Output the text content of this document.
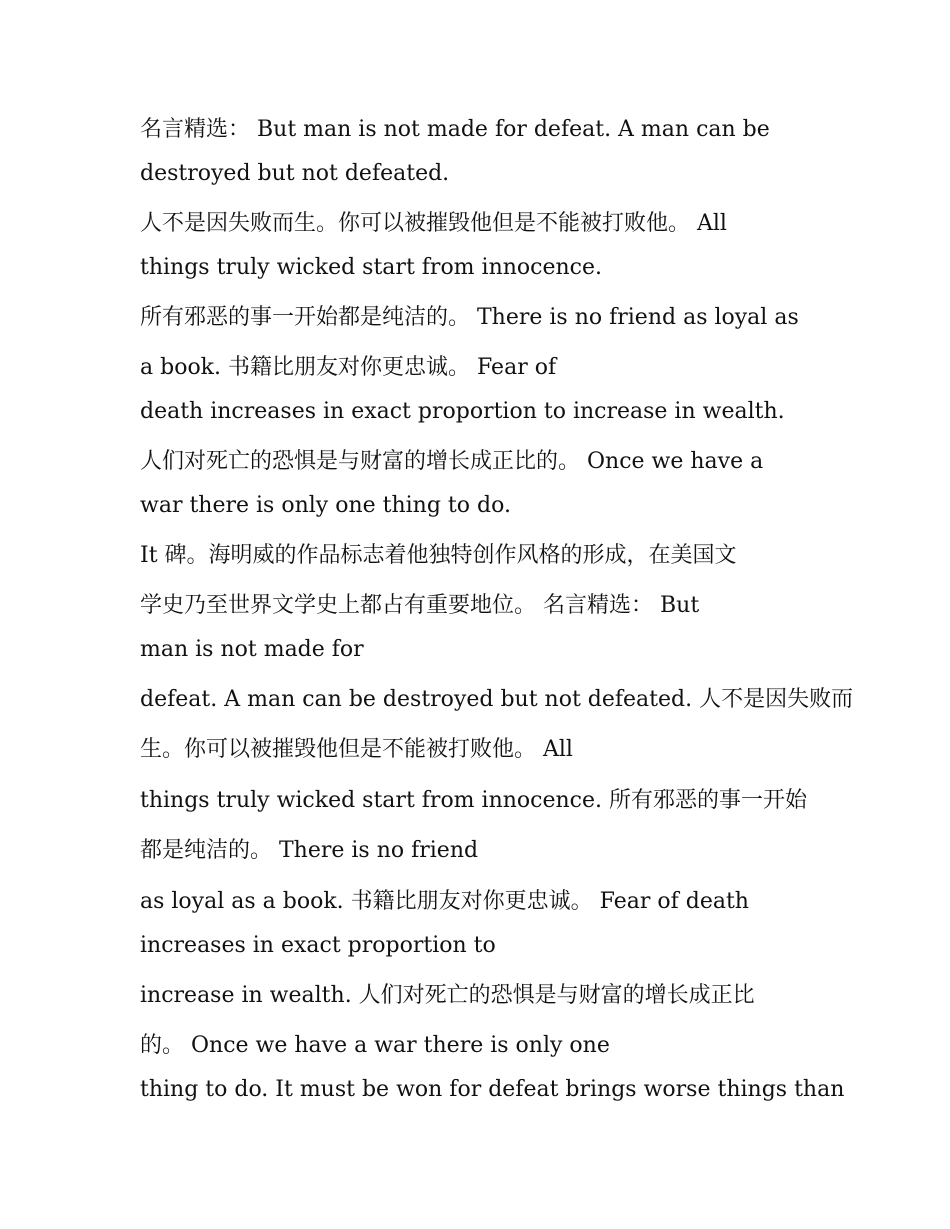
名言精选： But man is not made for defeat. A man can be
destroyed but not defeated.
人不是因失败而生。你可以被摧毁他但是不能被打败他。 All
things truly wicked start from innocence.
所有邪恶的事一开始都是纯洁的。 There is no friend as loyal as
a book. 书籍比朋友对你更忠诚。 Fear of
death increases in exact proportion to increase in wealth.
人们对死亡的恐惧是与财富的增长成正比的。 Once we have a
war there is only one thing to do.
It 碑。海明威的作品标志着他独特创作风格的形成，在美国文
学史乃至世界文学史上都占有重要地位。 名言精选： But
man is not made for
defeat. A man can be destroyed but not defeated. 人不是因失败而
生。你可以被摧毁他但是不能被打败他。 All
things truly wicked start from innocence. 所有邪恶的事一开始
都是纯洁的。 There is no friend
as loyal as a book. 书籍比朋友对你更忠诚。 Fear of death
increases in exact proportion to
increase in wealth. 人们对死亡的恐惧是与财富的增长成正比
的。 Once we have a war there is only one
thing to do. It must be won for defeat brings worse things than
